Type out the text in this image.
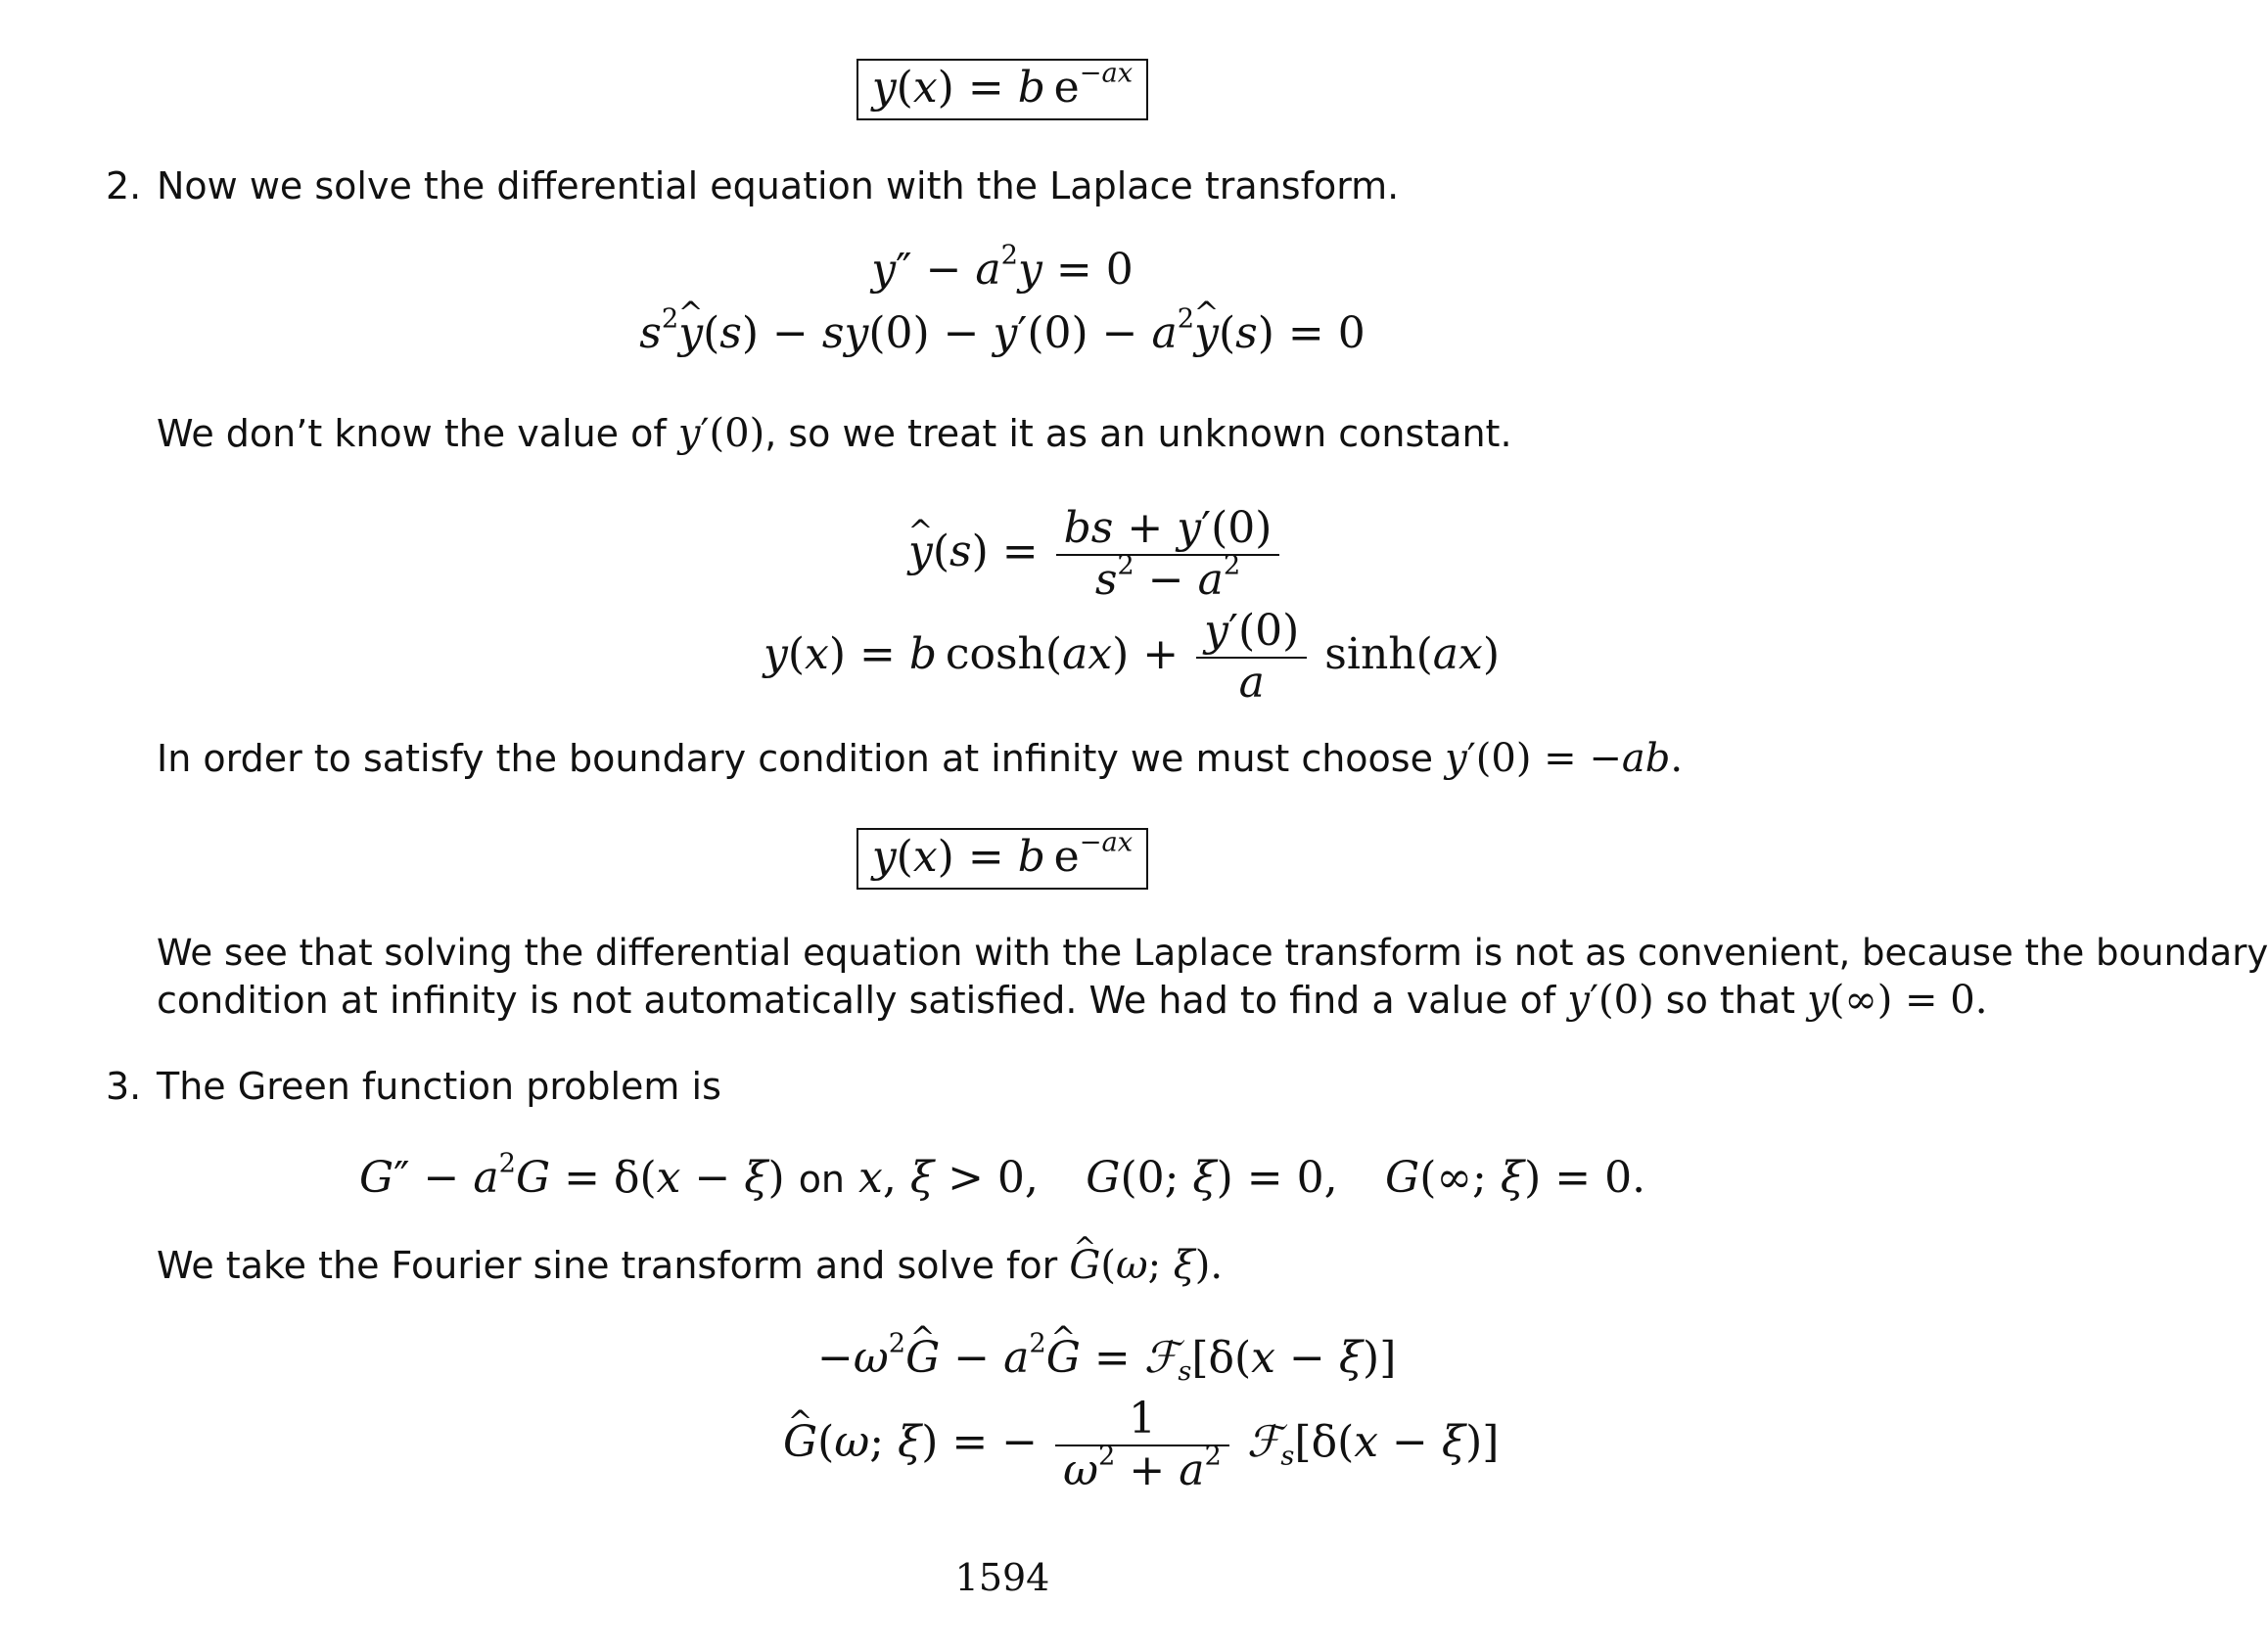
y(x) = b $e^{-ax}$
2. Now we solve the differential equation with the Laplace transform.
$y'' - a^2y = 0$
$s^2\^{}$ $y(s) - sy(0) - y'(0) - a^2\^{}$ y(s) = 0
We don’t know the value of y′(0), so we treat it as an unknown constant.
^ $y(s) = \frac{bs + y'(0)}{s^2 - a^2}$
y(x) = b $\cosh(ax) + \frac{y'(0)}{a} \sinh(ax)$
In order to satisfy the boundary condition at infinity we must choose y′(0) = −ab.
y(x) = b $e^{-ax}$

We see that solving the differential equation with the Laplace transform is not as convenient, because the boundary

condition at infinity is not automatically satisfied. We had to find a value of y′(0) so that y(∞) = 0.

3. The Green function problem is
$G'' - a^2G = \delta(x - \xi)$ on x, ξ > 0,  G(0; ξ) = 0,  G(∞; ξ) = 0.
We take the Fourier sine transform and solve for ^ G(ω; ξ).
$-\omega^2\^{}$ $G - a^2\^{}$ G = ℱ$_s$[δ(x − ξ)]
^ G(ω; ξ) = − $\frac{1}{\omega^2 + a^2}$ ℱ$_s$[δ(x − ξ)]
1594
